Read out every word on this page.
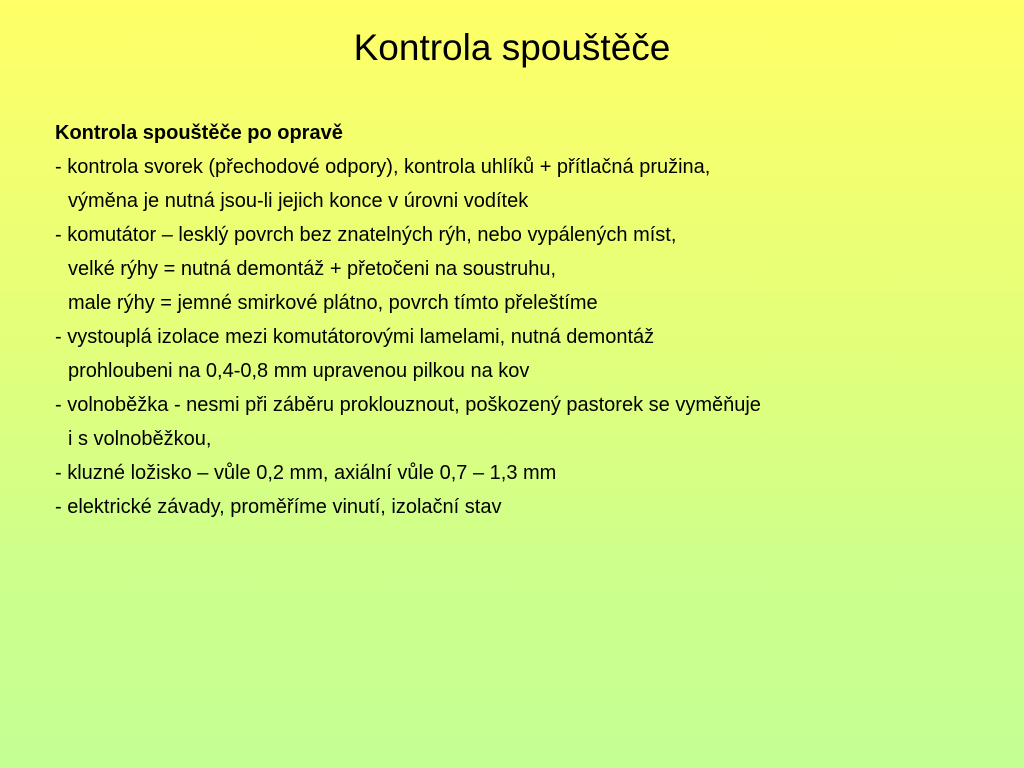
Kontrola spouštěče
Kontrola spouštěče po opravě
- kontrola svorek (přechodové odpory), kontrola uhlíků + přítlačná pružina,
výměna je nutná jsou-li jejich konce v úrovni vodítek
- komutátor – lesklý povrch bez znatelných rýh, nebo vypálených míst,
velké rýhy = nutná demontáž + přetočeni na soustruhu,
male rýhy = jemné smirkové plátno, povrch tímto přeleštíme
- vystouplá izolace mezi komutátorovými lamelami, nutná demontáž
prohloubeni na 0,4-0,8 mm upravenou pilkou na kov
- volnoběžka - nesmi při záběru proklouznout, poškozený pastorek se vyměňuje
i s volnoběžkou,
- kluzné ložisko – vůle 0,2 mm, axiální vůle 0,7 – 1,3 mm
- elektrické závady, proměříme vinutí, izolační stav
